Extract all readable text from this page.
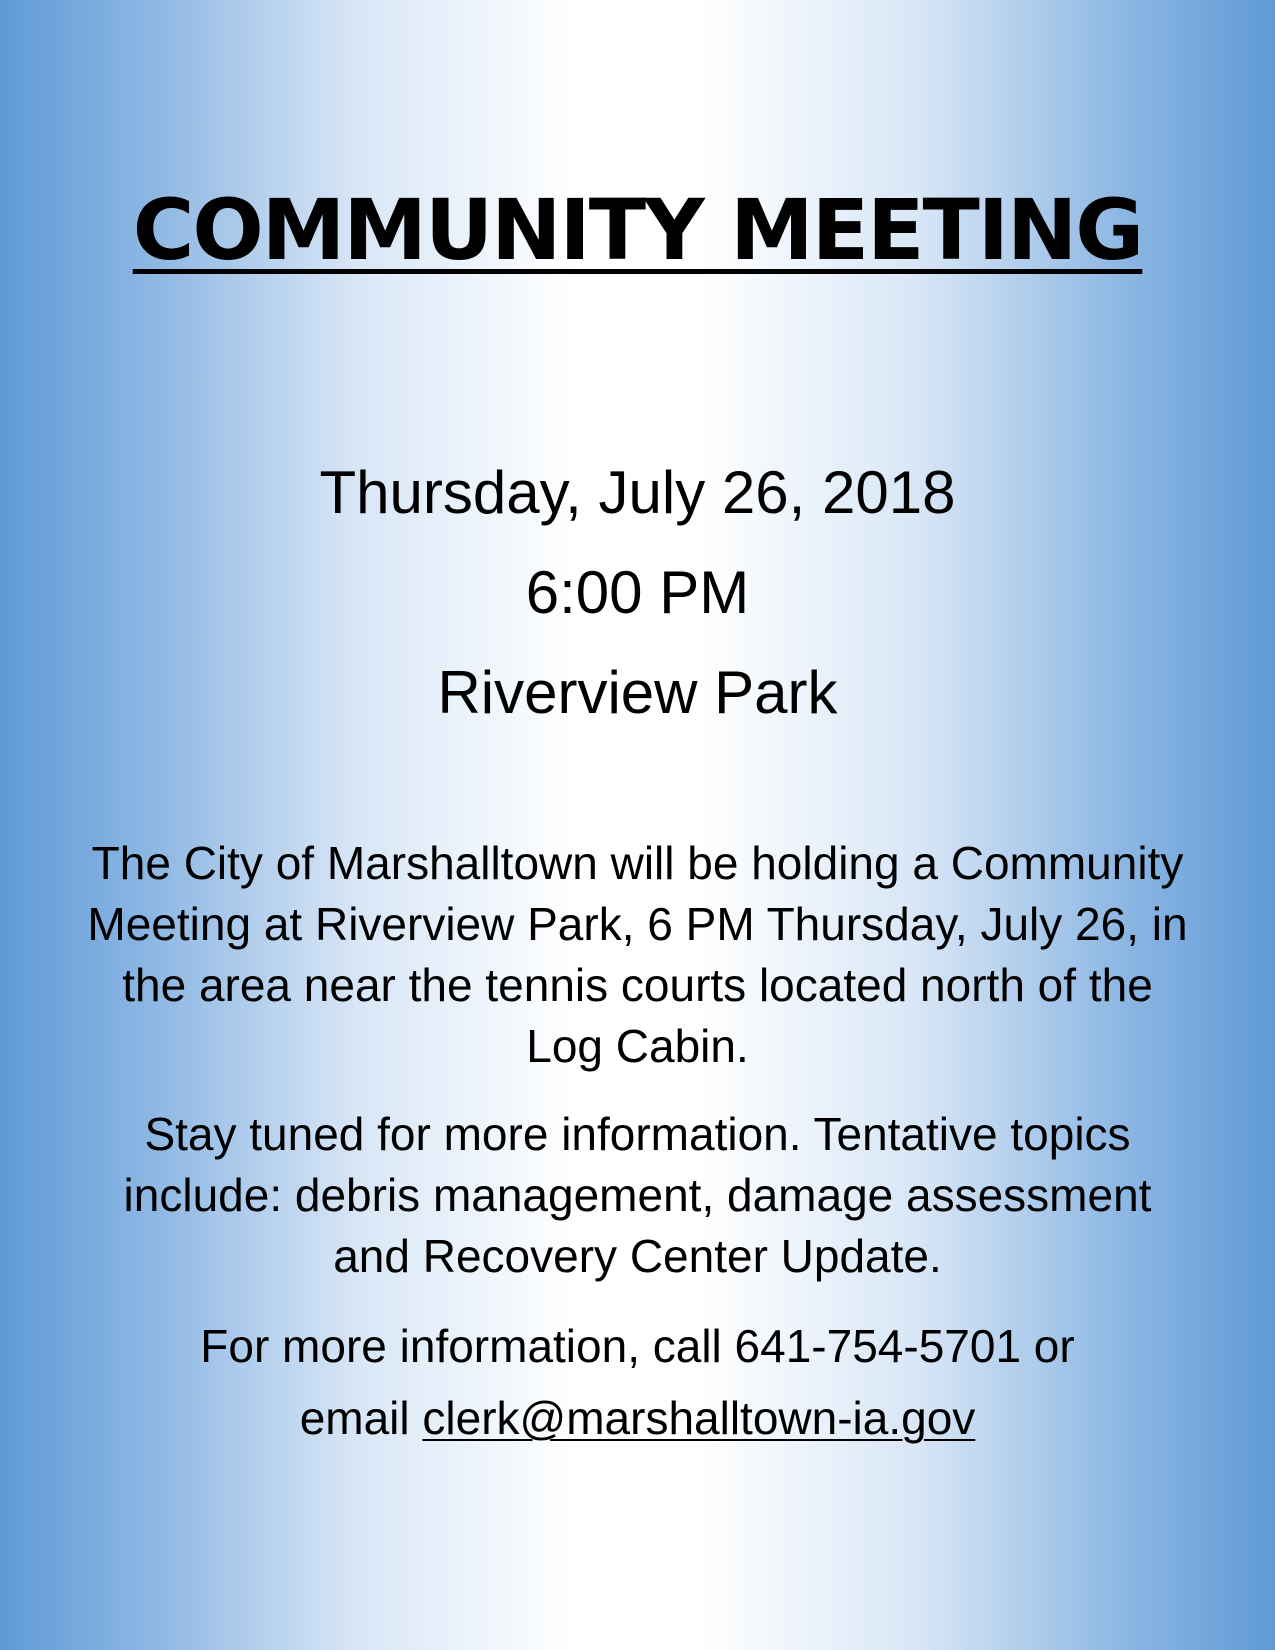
COMMUNITY MEETING

Thursday, July 26, 2018

6:00 PM

Riverview Park

The City of Marshalltown will be holding a Community Meeting at Riverview Park, 6 PM Thursday, July 26, in the area near the tennis courts located north of the Log Cabin.

Stay tuned for more information. Tentative topics include: debris management, damage assessment and Recovery Center Update.

For more information, call 641-754-5701 or

email clerk@marshalltown-ia.gov
